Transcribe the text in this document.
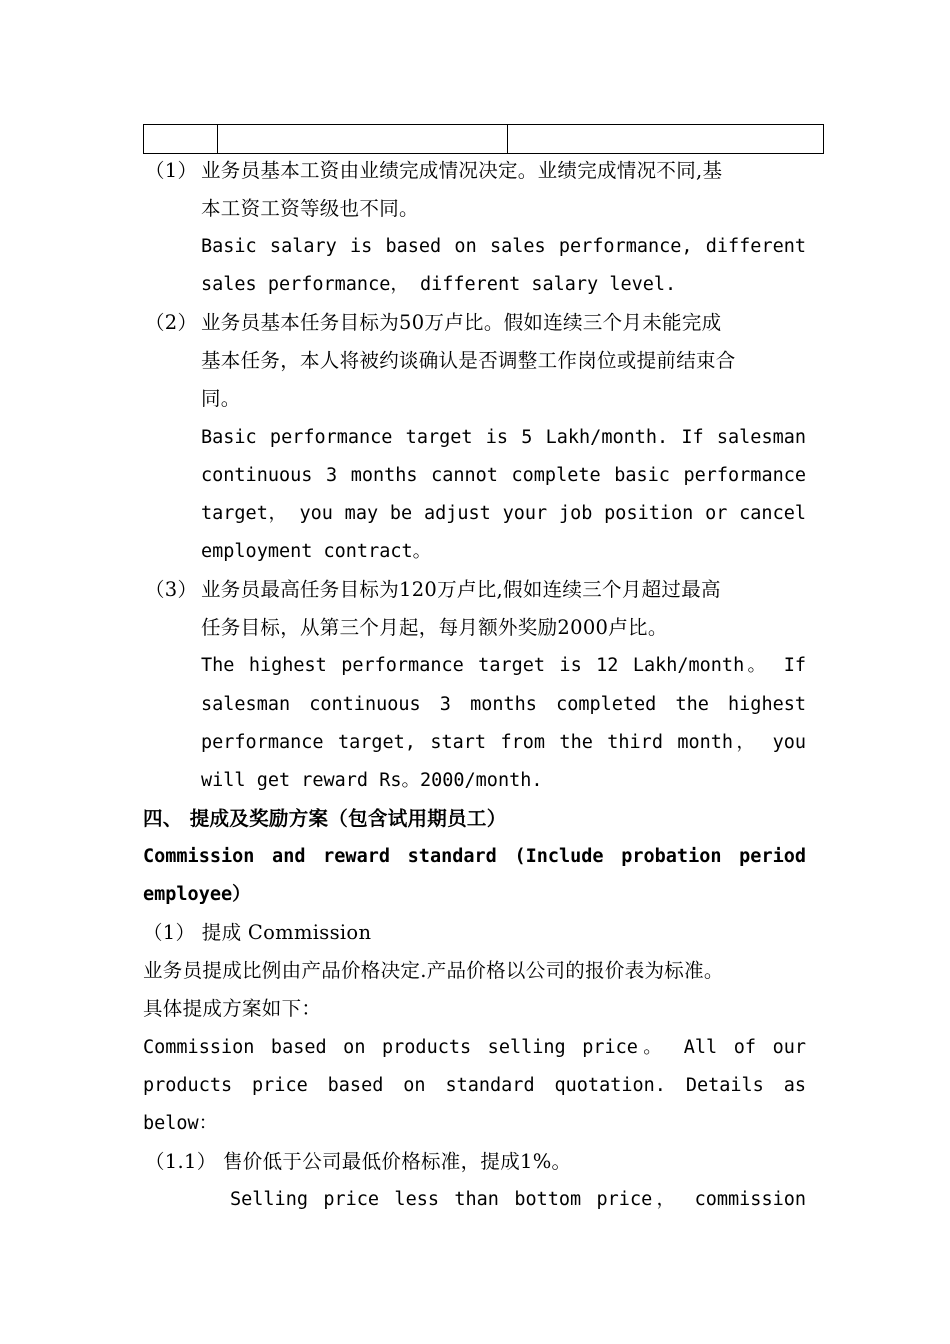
（1） 业务员基本工资由业绩完成情况决定。业绩完成情况不同,基
本工资工资等级也不同。
Basic salary is based on sales performance, different
sales performance， different salary level.
（2） 业务员基本任务目标为50万卢比。假如连续三个月未能完成
基本任务，本人将被约谈确认是否调整工作岗位或提前结束合
同。
Basic performance target is 5 Lakh/month. If salesman
continuous 3 months cannot complete basic performance
target， you may be adjust your job position or cancel
employment contract。
（3） 业务员最高任务目标为120万卢比,假如连续三个月超过最高
任务目标，从第三个月起，每月额外奖励2000卢比。
The highest performance target is 12 Lakh/month。 If
salesman continuous 3 months completed the highest
performance target, start from the third month， you
will get reward Rs。2000/month.
四、 提成及奖励方案（包含试用期员工）
Commission and reward standard (Include probation period
employee）
（1） 提成 Commission
业务员提成比例由产品价格决定.产品价格以公司的报价表为标准。
具体提成方案如下：
Commission based on products selling price。 All of our
products price based on standard quotation. Details as
below：
（1.1） 售价低于公司最低价格标准，提成1%。
Selling price less than bottom price， commission
